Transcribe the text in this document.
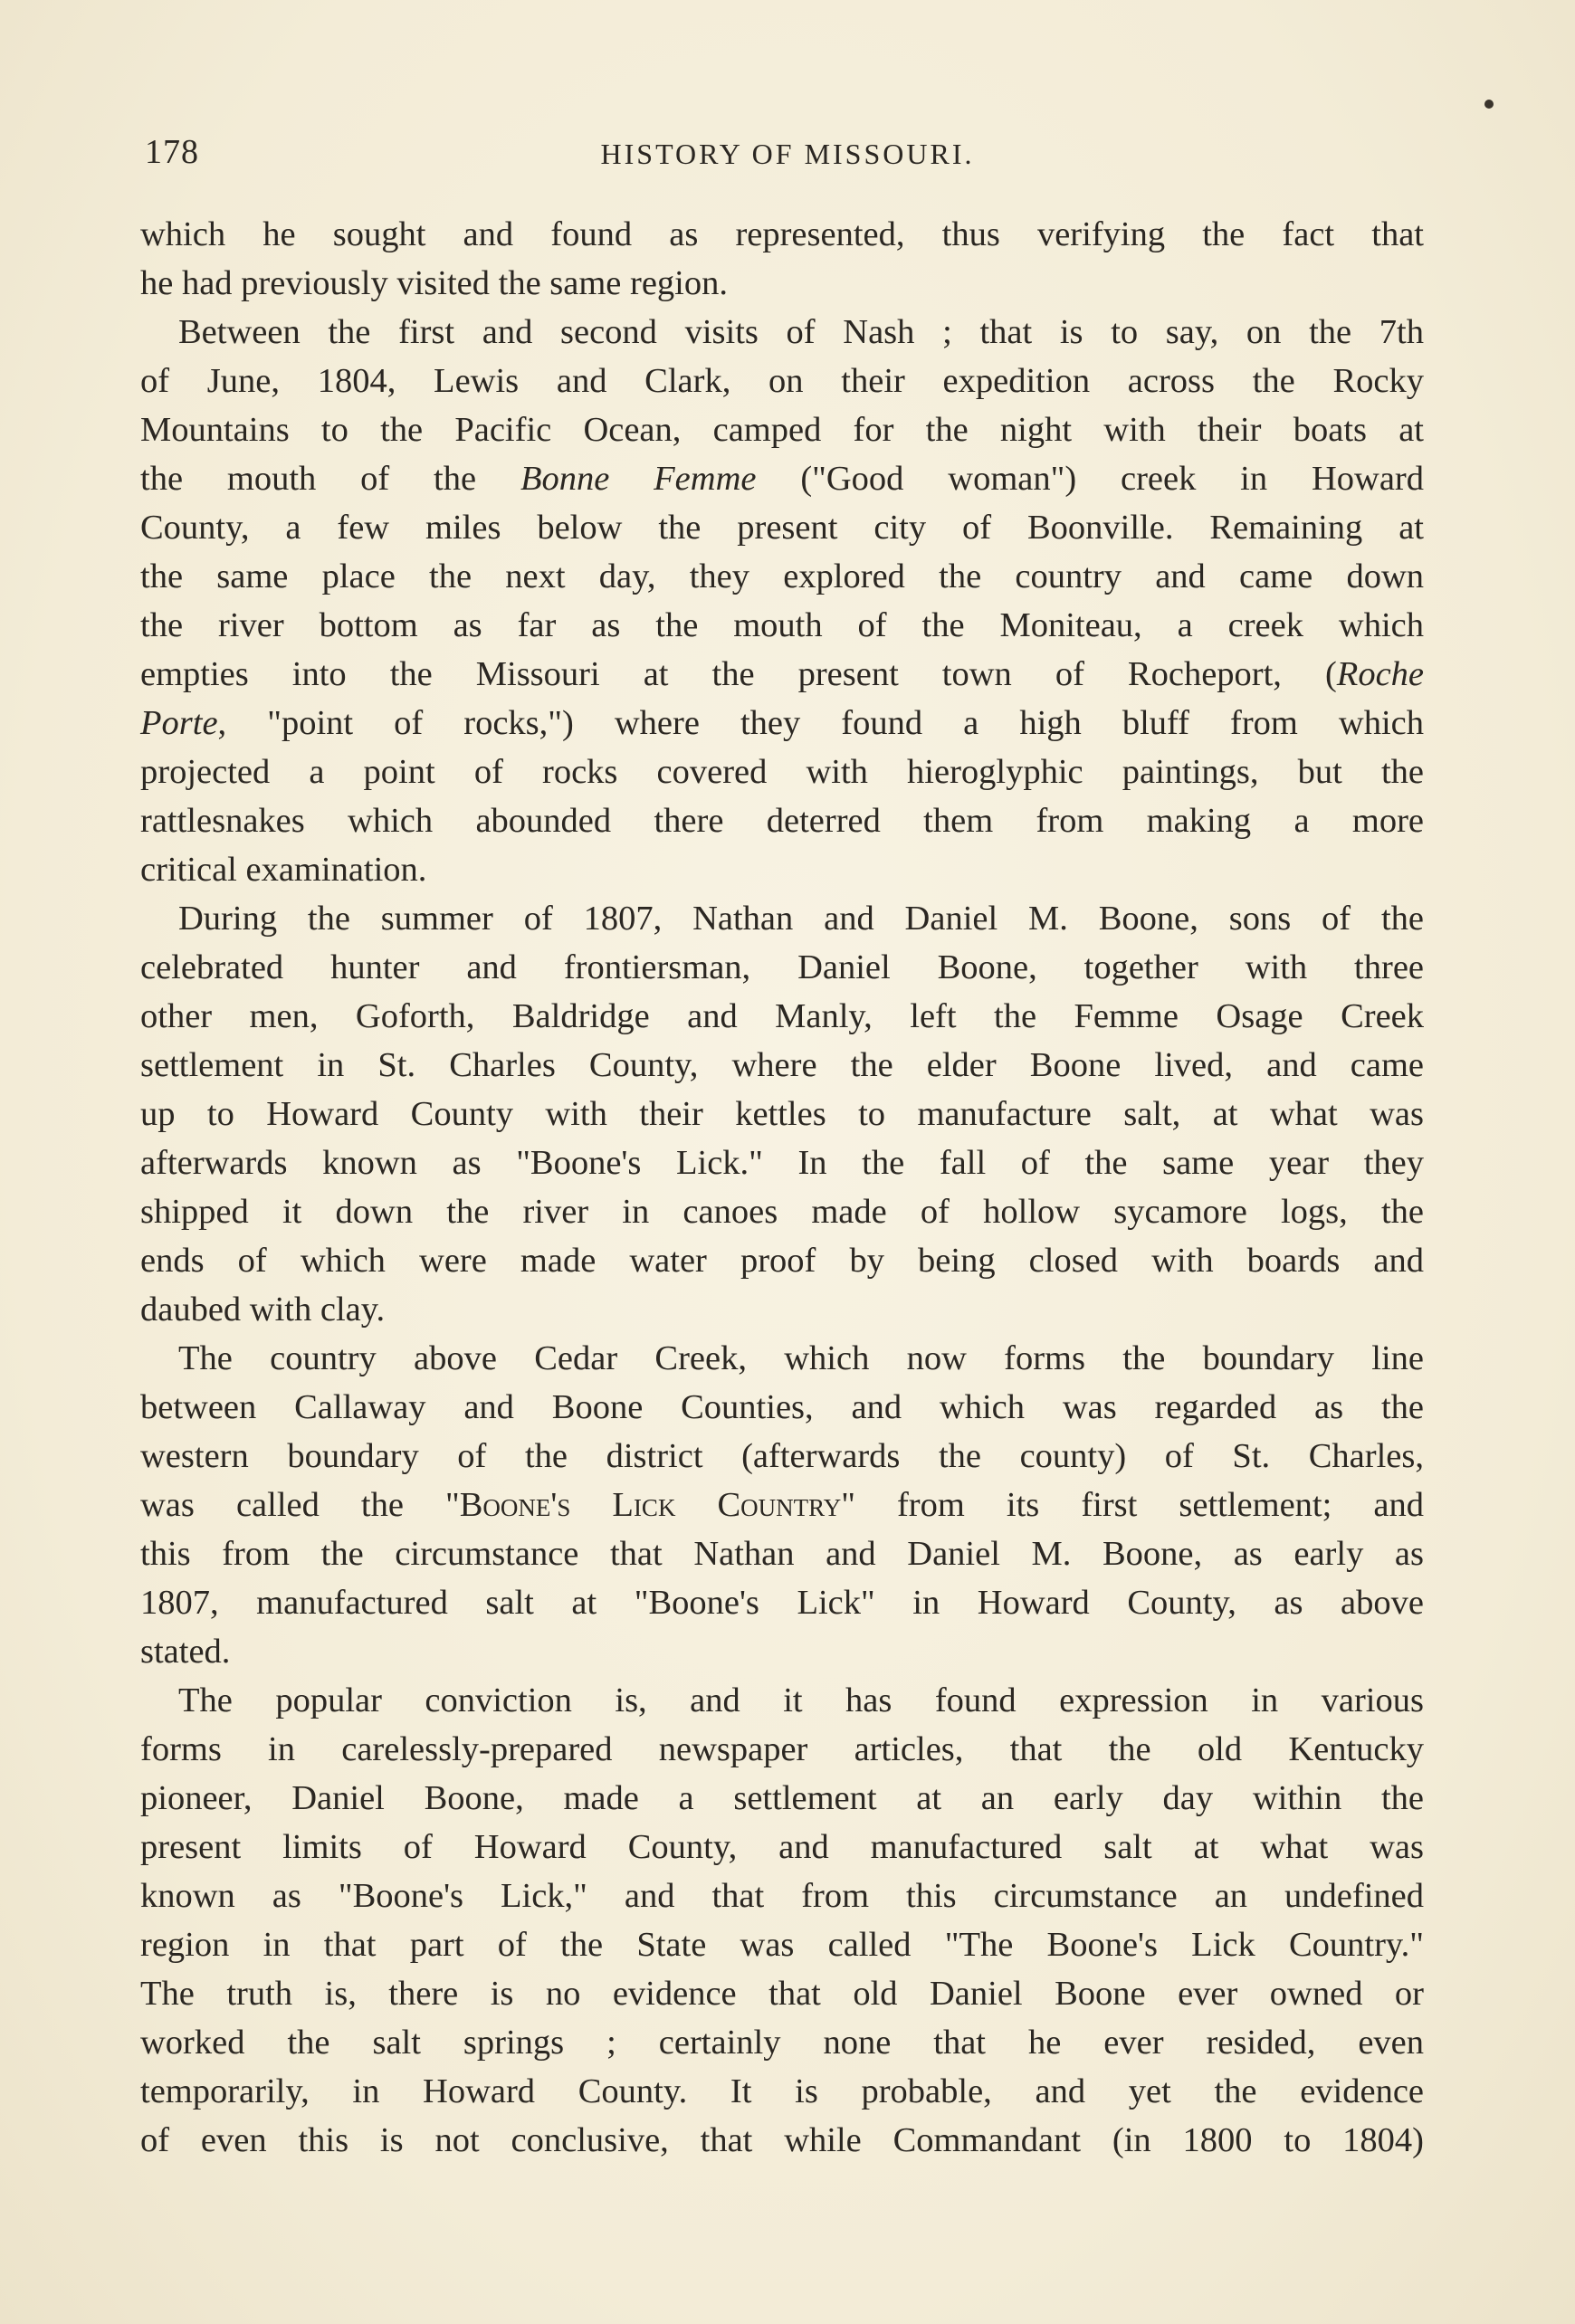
178	HISTORY OF MISSOURI.
which he sought and found as represented, thus verifying the fact that
he had previously visited the same region.
Between the first and second visits of Nash ; that is to say, on the 7th
of June, 1804, Lewis and Clark, on their expedition across the Rocky
Mountains to the Pacific Ocean, camped for the night with their boats at
the mouth of the Bonne Femme ("Good woman") creek in Howard
County, a few miles below the present city of Boonville. Remaining at
the same place the next day, they explored the country and came down
the river bottom as far as the mouth of the Moniteau, a creek which
empties into the Missouri at the present town of Rocheport, (Roche
Porte, "point of rocks,") where they found a high bluff from which
projected a point of rocks covered with hieroglyphic paintings, but the
rattlesnakes which abounded there deterred them from making a more
critical examination.
During the summer of 1807, Nathan and Daniel M. Boone, sons of the
celebrated hunter and frontiersman, Daniel Boone, together with three
other men, Goforth, Baldridge and Manly, left the Femme Osage Creek
settlement in St. Charles County, where the elder Boone lived, and came
up to Howard County with their kettles to manufacture salt, at what was
afterwards known as "Boone's Lick." In the fall of the same year they
shipped it down the river in canoes made of hollow sycamore logs, the
ends of which were made water proof by being closed with boards and
daubed with clay.
The country above Cedar Creek, which now forms the boundary line
between Callaway and Boone Counties, and which was regarded as the
western boundary of the district (afterwards the county) of St. Charles,
was called the "Boone's Lick Country" from its first settlement; and
this from the circumstance that Nathan and Daniel M. Boone, as early as
1807, manufactured salt at "Boone's Lick" in Howard County, as above
stated.
The popular conviction is, and it has found expression in various
forms in carelessly-prepared newspaper articles, that the old Kentucky
pioneer, Daniel Boone, made a settlement at an early day within the
present limits of Howard County, and manufactured salt at what was
known as "Boone's Lick," and that from this circumstance an undefined
region in that part of the State was called "The Boone's Lick Country."
The truth is, there is no evidence that old Daniel Boone ever owned or
worked the salt springs ; certainly none that he ever resided, even
temporarily, in Howard County. It is probable, and yet the evidence
of even this is not conclusive, that while Commandant (in 1800 to 1804)
